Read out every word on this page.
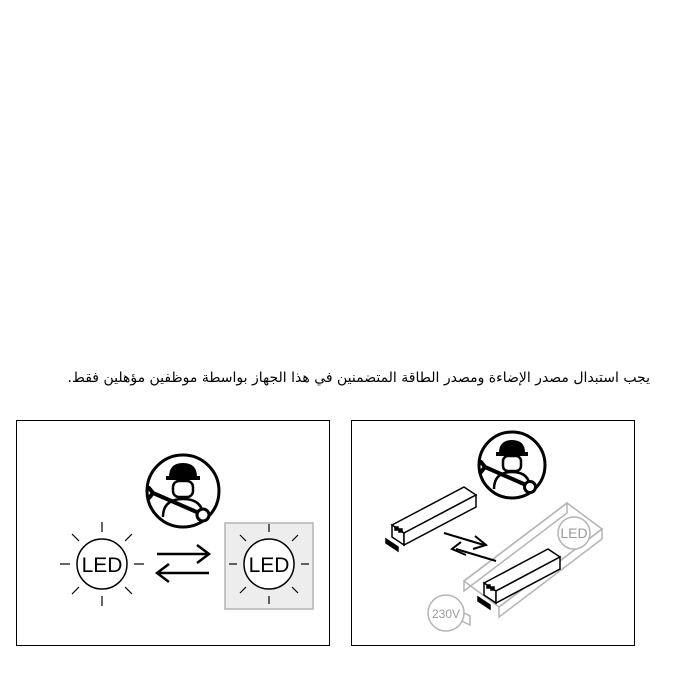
يجب استبدال مصدر الإضاءة ومصدر الطاقة المتضمنين في هذا الجهاز بواسطة موظفين مؤهلين فقط.
LED	LED
LED
230V
